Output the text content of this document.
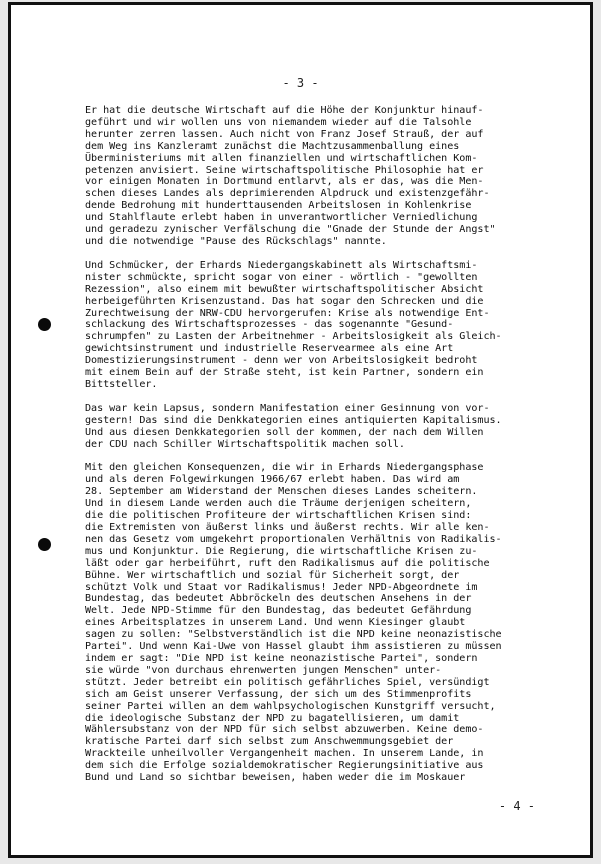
- 3 -
Er hat die deutsche Wirtschaft auf die Höhe der Konjunktur hinauf-
geführt und wir wollen uns von niemandem wieder auf die Talsohle
herunter zerren lassen. Auch nicht von Franz Josef Strauß, der auf
dem Weg ins Kanzleramt zunächst die Machtzusammenballung eines
Überministeriums mit allen finanziellen und wirtschaftlichen Kom-
petenzen anvisiert. Seine wirtschaftspolitische Philosophie hat er
vor einigen Monaten in Dortmund entlarvt, als er das, was die Men-
schen dieses Landes als deprimierenden Alpdruck und existenzgefähr-
dende Bedrohung mit hunderttausenden Arbeitslosen in Kohlenkrise
und Stahlflaute erlebt haben in unverantwortlicher Verniedlichung
und geradezu zynischer Verfälschung die "Gnade der Stunde der Angst"
und die notwendige "Pause des Rückschlags" nannte.
Und Schmücker, der Erhards Niedergangskabinett als Wirtschaftsmi-
nister schmückte, spricht sogar von einer - wörtlich - "gewollten
Rezession", also einem mit bewußter wirtschaftspolitischer Absicht
herbeigeführten Krisenzustand. Das hat sogar den Schrecken und die
Zurechtweisung der NRW-CDU hervorgerufen: Krise als notwendige Ent-
schlackung des Wirtschaftsprozesses - das sogenannte "Gesund-
schrumpfen" zu Lasten der Arbeitnehmer - Arbeitslosigkeit als Gleich-
gewichtsinstrument und industrielle Reservearmee als eine Art
Domestizierungsinstrument - denn wer von Arbeitslosigkeit bedroht
mit einem Bein auf der Straße steht, ist kein Partner, sondern ein
Bittsteller.
Das war kein Lapsus, sondern Manifestation einer Gesinnung von vor-
gestern! Das sind die Denkkategorien eines antiquierten Kapitalismus.
Und aus diesen Denkkategorien soll der kommen, der nach dem Willen
der CDU nach Schiller Wirtschaftspolitik machen soll.
Mit den gleichen Konsequenzen, die wir in Erhards Niedergangsphase
und als deren Folgewirkungen 1966/67 erlebt haben. Das wird am
28. September am Widerstand der Menschen dieses Landes scheitern.
Und in diesem Lande werden auch die Träume derjenigen scheitern,
die die politischen Profiteure der wirtschaftlichen Krisen sind:
die Extremisten von äußerst links und äußerst rechts. Wir alle ken-
nen das Gesetz vom umgekehrt proportionalen Verhältnis von Radikalis-
mus und Konjunktur. Die Regierung, die wirtschaftliche Krisen zu-
läßt oder gar herbeiführt, ruft den Radikalismus auf die politische
Bühne. Wer wirtschaftlich und sozial für Sicherheit sorgt, der
schützt Volk und Staat vor Radikalismus! Jeder NPD-Abgeordnete im
Bundestag, das bedeutet Abbröckeln des deutschen Ansehens in der
Welt. Jede NPD-Stimme für den Bundestag, das bedeutet Gefährdung
eines Arbeitsplatzes in unserem Land. Und wenn Kiesinger glaubt
sagen zu sollen: "Selbstverständlich ist die NPD keine neonazistische
Partei". Und wenn Kai-Uwe von Hassel glaubt ihm assistieren zu müssen
indem er sagt: "Die NPD ist keine neonazistische Partei", sondern
sie würde "von durchaus ehrenwerten jungen Menschen" unter-
stützt. Jeder betreibt ein politisch gefährliches Spiel, versündigt
sich am Geist unserer Verfassung, der sich um des Stimmenprofits
seiner Partei willen an dem wahlpsychologischen Kunstgriff versucht,
die ideologische Substanz der NPD zu bagatellisieren, um damit
Wählersubstanz von der NPD für sich selbst abzuwerben. Keine demo-
kratische Partei darf sich selbst zum Anschwemmungsgebiet der
Wrackteile unheilvoller Vergangenheit machen. In unserem Lande, in
dem sich die Erfolge sozialdemokratischer Regierungsinitiative aus
Bund und Land so sichtbar beweisen, haben weder die im Moskauer
- 4 -
